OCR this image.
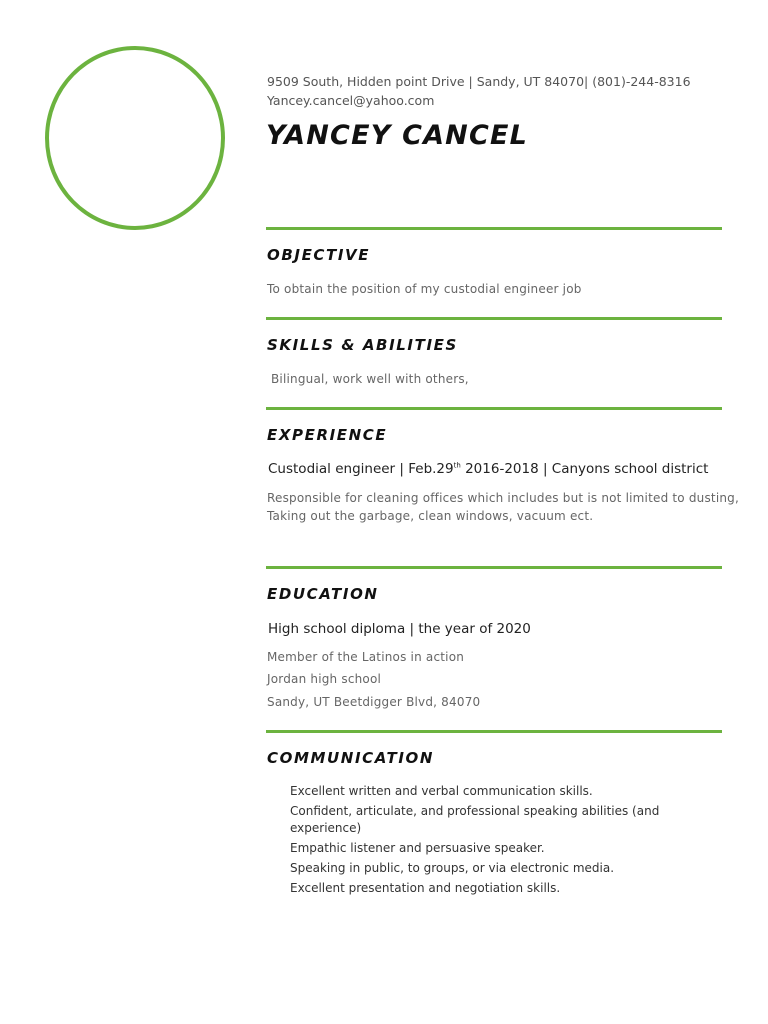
9509 South, Hidden point Drive | Sandy, UT 84070| (801)-244-8316
Yancey.cancel@yahoo.com
YANCEY CANCEL
OBJECTIVE
To obtain the position of my custodial engineer job
SKILLS & ABILITIES
Bilingual, work well with others,
EXPERIENCE
Custodial engineer | Feb.29th 2016-2018 | Canyons school district
Responsible for cleaning offices which includes but is not limited to dusting,
Taking out the garbage, clean windows, vacuum ect.
EDUCATION
High school diploma | the year of 2020
Member of the Latinos in action
Jordan high school
Sandy, UT Beetdigger Blvd, 84070
COMMUNICATION
Excellent written and verbal communication skills.
Confident, articulate, and professional speaking abilities (and experience)
Empathic listener and persuasive speaker.
Speaking in public, to groups, or via electronic media.
Excellent presentation and negotiation skills.
